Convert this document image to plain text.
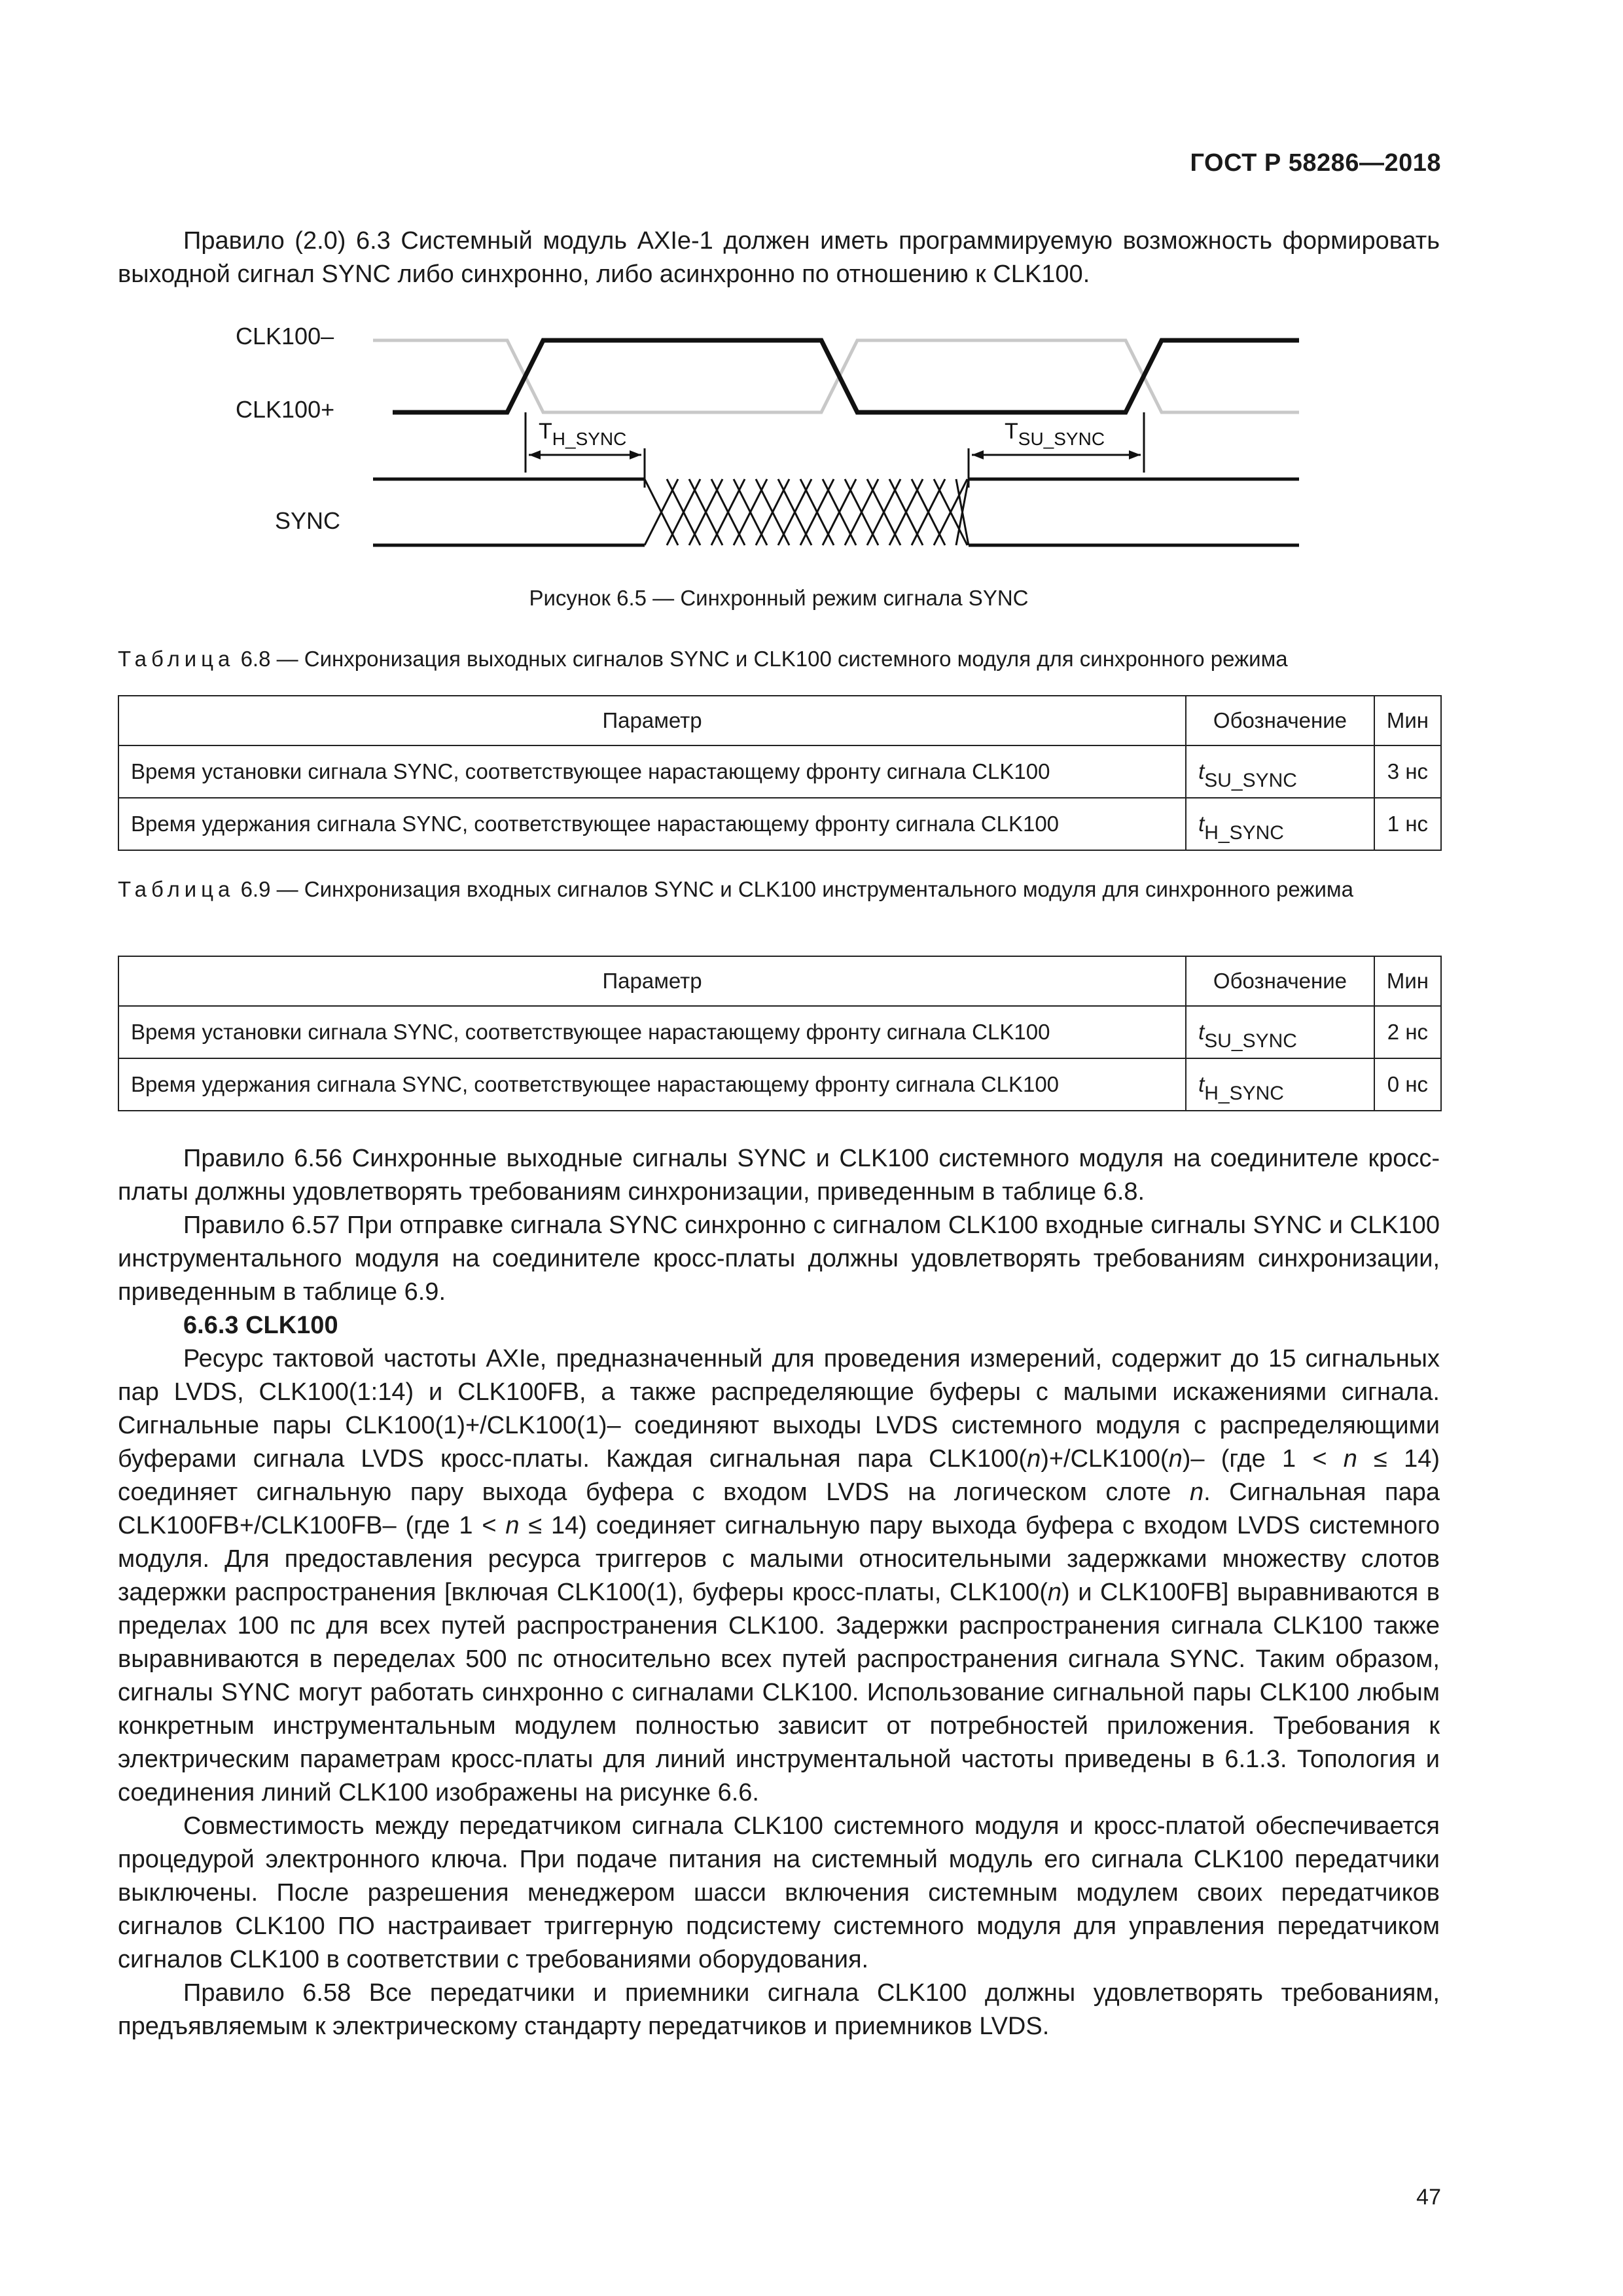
ГОСТ Р 58286—2018

Правило (2.0) 6.3 Системный модуль AXIe-1 должен иметь программируемую возможность формировать выходной сигнал SYNC либо синхронно, либо асинхронно по отношению к CLK100.

CLK100–
CLK100+
SYNC
$T_{H\_SYNC}$	$T_{SU\_SYNC}$
Рисунок 6.5 — Синхронный режим сигнала SYNC
Таблица 6.8 — Синхронизация выходных сигналов SYNC и CLK100 системного модуля для синхронного режима
Параметр	Обозначение	Мин
Время установки сигнала SYNC, соответствующее нарастающему фронту сигнала CLK100	tSU_SYNC	3 нс
Время удержания сигнала SYNC, соответствующее нарастающему фронту сигнала CLK100	tH_SYNC	1 нс
Таблица 6.9 — Синхронизация входных сигналов SYNC и CLK100 инструментального модуля для синхронного режима
Параметр	Обозначение	Мин
Время установки сигнала SYNC, соответствующее нарастающему фронту сигнала CLK100	tSU_SYNC	2 нс
Время удержания сигнала SYNC, соответствующее нарастающему фронту сигнала CLK100	tH_SYNC	0 нс

Правило 6.56 Синхронные выходные сигналы SYNC и CLK100 системного модуля на соединителе кросс-платы должны удовлетворять требованиям синхронизации, приведенным в таблице 6.8.

Правило 6.57 При отправке сигнала SYNC синхронно с сигналом CLK100 входные сигналы SYNC и CLK100 инструментального модуля на соединителе кросс-платы должны удовлетворять требованиям синхронизации, приведенным в таблице 6.9.

6.6.3 CLK100

Ресурс тактовой частоты AXIe, предназначенный для проведения измерений, содержит до 15 сигнальных пар LVDS, CLK100(1:14) и CLK100FB, а также распределяющие буферы с малыми искажениями сигнала. Сигнальные пары CLK100(1)+/CLK100(1)– соединяют выходы LVDS системного модуля с распределяющими буферами сигнала LVDS кросс-платы. Каждая сигнальная пара CLK100(n)+/CLK100(n)– (где 1 < n ≤ 14) соединяет сигнальную пару выхода буфера с входом LVDS на логическом слоте n. Сигнальная пара CLK100FB+/CLK100FB– (где 1 < n ≤ 14) соединяет сигнальную пару выхода буфера с входом LVDS системного модуля. Для предоставления ресурса триггеров с малыми относительными задержками множеству слотов задержки распространения [включая CLK100(1), буферы кросс-платы, CLK100(n) и CLK100FB] выравниваются в пределах 100 пс для всех путей распространения CLK100. Задержки распространения сигнала CLK100 также выравниваются в переделах 500 пс относительно всех путей распространения сигнала SYNC. Таким образом, сигналы SYNC могут работать синхронно с сигналами CLK100. Использование сигнальной пары CLK100 любым конкретным инструментальным модулем полностью зависит от потребностей приложения. Требования к электрическим параметрам кросс-платы для линий инструментальной частоты приведены в 6.1.3. Топология и соединения линий CLK100 изображены на рисунке 6.6.

Совместимость между передатчиком сигнала CLK100 системного модуля и кросс-платой обеспечивается процедурой электронного ключа. При подаче питания на системный модуль его сигнала CLK100 передатчики выключены. После разрешения менеджером шасси включения системным модулем своих передатчиков сигналов CLK100 ПО настраивает триггерную подсистему системного модуля для управления передатчиком сигналов CLK100 в соответствии с требованиями оборудования.

Правило 6.58 Все передатчики и приемники сигнала CLK100 должны удовлетворять требованиям, предъявляемым к электрическому стандарту передатчиков и приемников LVDS.

47
